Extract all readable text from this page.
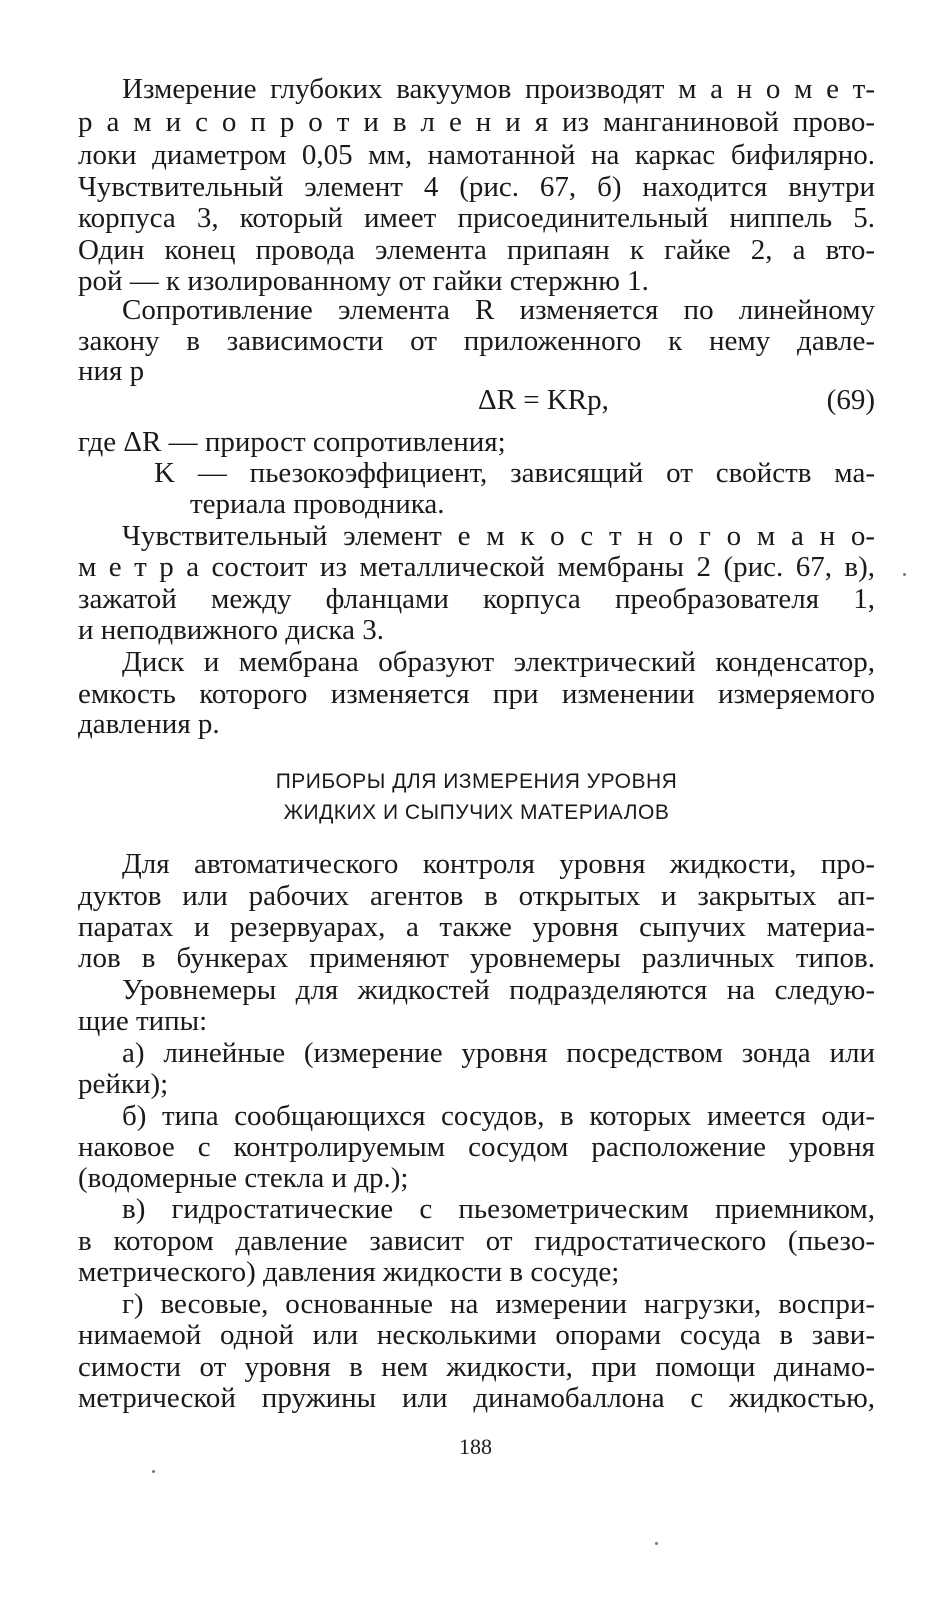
Измерение глубоких вакуумов производят м а н о м е т-
р а м и с о п р о т и в л е н и я из манганиновой прово-
локи диаметром 0,05 мм, намотанной на каркас бифилярно.
Чувствительный элемент 4 (рис. 67, б) находится внутри
корпуса 3, который имеет присоединительный ниппель 5.
Один конец провода элемента припаян к гайке 2, а вто-
рой — к изолированному от гайки стержню 1.
Сопротивление элемента R изменяется по линейному
закону в зависимости от приложенного к нему давле-
ния p
ΔR = KRp,	(69)
где ΔR — прирост сопротивления;
K — пьезокоэффициент, зависящий от свойств ма-
териала проводника.
Чувствительный элемент е м к о с т н о г о м а н о-
м е т р а состоит из металлической мембраны 2 (рис. 67, в),
зажатой между фланцами корпуса преобразователя 1,
и неподвижного диска 3.
Диск и мембрана образуют электрический конденсатор,
емкость которого изменяется при изменении измеряемого
давления p.
ПРИБОРЫ ДЛЯ ИЗМЕРЕНИЯ УРОВНЯ
ЖИДКИХ И СЫПУЧИХ МАТЕРИАЛОВ
Для автоматического контроля уровня жидкости, про-
дуктов или рабочих агентов в открытых и закрытых ап-
паратах и резервуарах, а также уровня сыпучих материа-
лов в бункерах применяют уровнемеры различных типов.
Уровнемеры для жидкостей подразделяются на следую-
щие типы:
а) линейные (измерение уровня посредством зонда или
рейки);
б) типа сообщающихся сосудов, в которых имеется оди-
наковое с контролируемым сосудом расположение уровня
(водомерные стекла и др.);
в) гидростатические с пьезометрическим приемником,
в котором давление зависит от гидростатического (пьезо-
метрического) давления жидкости в сосуде;
г) весовые, основанные на измерении нагрузки, воспри-
нимаемой одной или несколькими опорами сосуда в зави-
симости от уровня в нем жидкости, при помощи динамо-
метрической пружины или динамобаллона с жидкостью,
188
